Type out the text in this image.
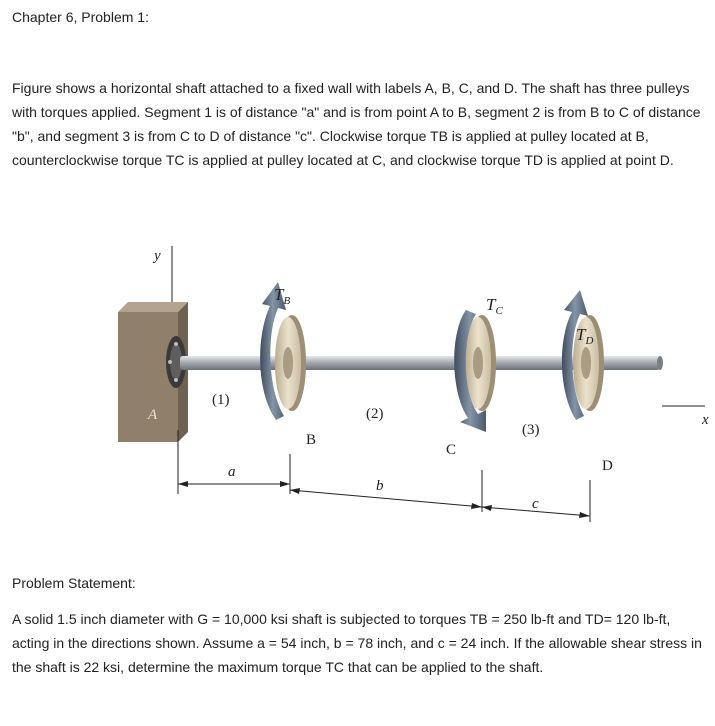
Chapter 6, Problem 1:
Figure shows a horizontal shaft attached to a fixed wall with labels A, B, C, and D. The shaft has three pulleys with torques applied. Segment 1 is of distance "a" and is from point A to B, segment 2 is from B to C of distance "b", and segment 3 is from C to D of distance "c". Clockwise torque TB is applied at pulley located at B, counterclockwise torque TC is applied at pulley located at C, and clockwise torque TD is applied at point D.
y
A	x
(1)
(2)
(3)
B
C
D
$T_B$	$T_C$
$T_D$
a
b
c
Problem Statement:
A solid 1.5 inch diameter with G = 10,000 ksi shaft is subjected to torques TB = 250 lb-ft and TD= 120 lb-ft, acting in the directions shown. Assume a = 54 inch, b = 78 inch, and c = 24 inch. If the allowable shear stress in the shaft is 22 ksi, determine the maximum torque TC that can be applied to the shaft.
